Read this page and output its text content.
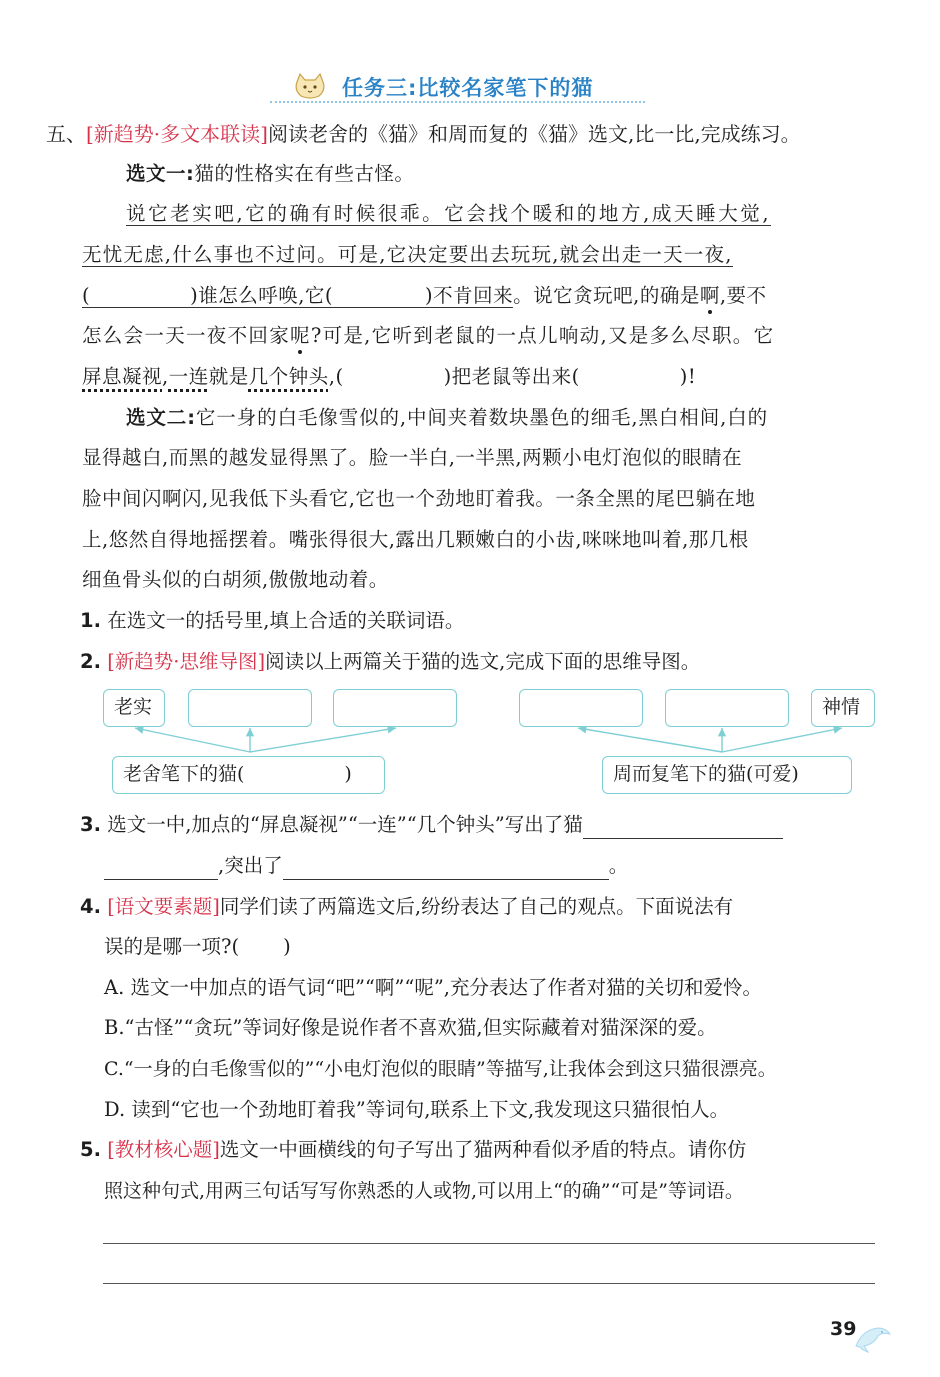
任务三:比较名家笔下的猫
五、[新趋势·多文本联读]阅读老舍的《猫》和周而复的《猫》选文,比一比,完成练习。
选文一:猫的性格实在有些古怪。
说它老实吧,它的确有时候很乖。它会找个暖和的地方,成天睡大觉,
无忧无虑,什么事也不过问。可是,它决定要出去玩玩,就会出走一天一夜,
(	)谁怎么呼唤,它(	)不肯回来。说它贪玩吧,的确是啊,要不
怎么会一天一夜不回家呢?可是,它听到老鼠的一点儿响动,又是多么尽职。它
屏息凝视,一连就是几个钟头,(	)把老鼠等出来(	)!
选文二:它一身的白毛像雪似的,中间夹着数块墨色的细毛,黑白相间,白的
显得越白,而黑的越发显得黑了。脸一半白,一半黑,两颗小电灯泡似的眼睛在
脸中间闪啊闪,见我低下头看它,它也一个劲地盯着我。一条全黑的尾巴躺在地
上,悠然自得地摇摆着。嘴张得很大,露出几颗嫩白的小齿,咪咪地叫着,那几根
细鱼骨头似的白胡须,傲傲地动着。
1. 在选文一的括号里,填上合适的关联词语。
2. [新趋势·思维导图]阅读以上两篇关于猫的选文,完成下面的思维导图。
老实	神情
老舍笔下的猫(	)	周而复笔下的猫(可爱)
3. 选文一中,加点的“屏息凝视”“一连”“几个钟头”写出了猫
,突出了	。
4. [语文要素题]同学们读了两篇选文后,纷纷表达了自己的观点。下面说法有
误的是哪一项?( )
A. 选文一中加点的语气词“吧”“啊”“呢”,充分表达了作者对猫的关切和爱怜。
B.“古怪”“贪玩”等词好像是说作者不喜欢猫,但实际藏着对猫深深的爱。
C.“一身的白毛像雪似的”“小电灯泡似的眼睛”等描写,让我体会到这只猫很漂亮。
D. 读到“它也一个劲地盯着我”等词句,联系上下文,我发现这只猫很怕人。
5. [教材核心题]选文一中画横线的句子写出了猫两种看似矛盾的特点。请你仿
照这种句式,用两三句话写写你熟悉的人或物,可以用上“的确”“可是”等词语。
39
